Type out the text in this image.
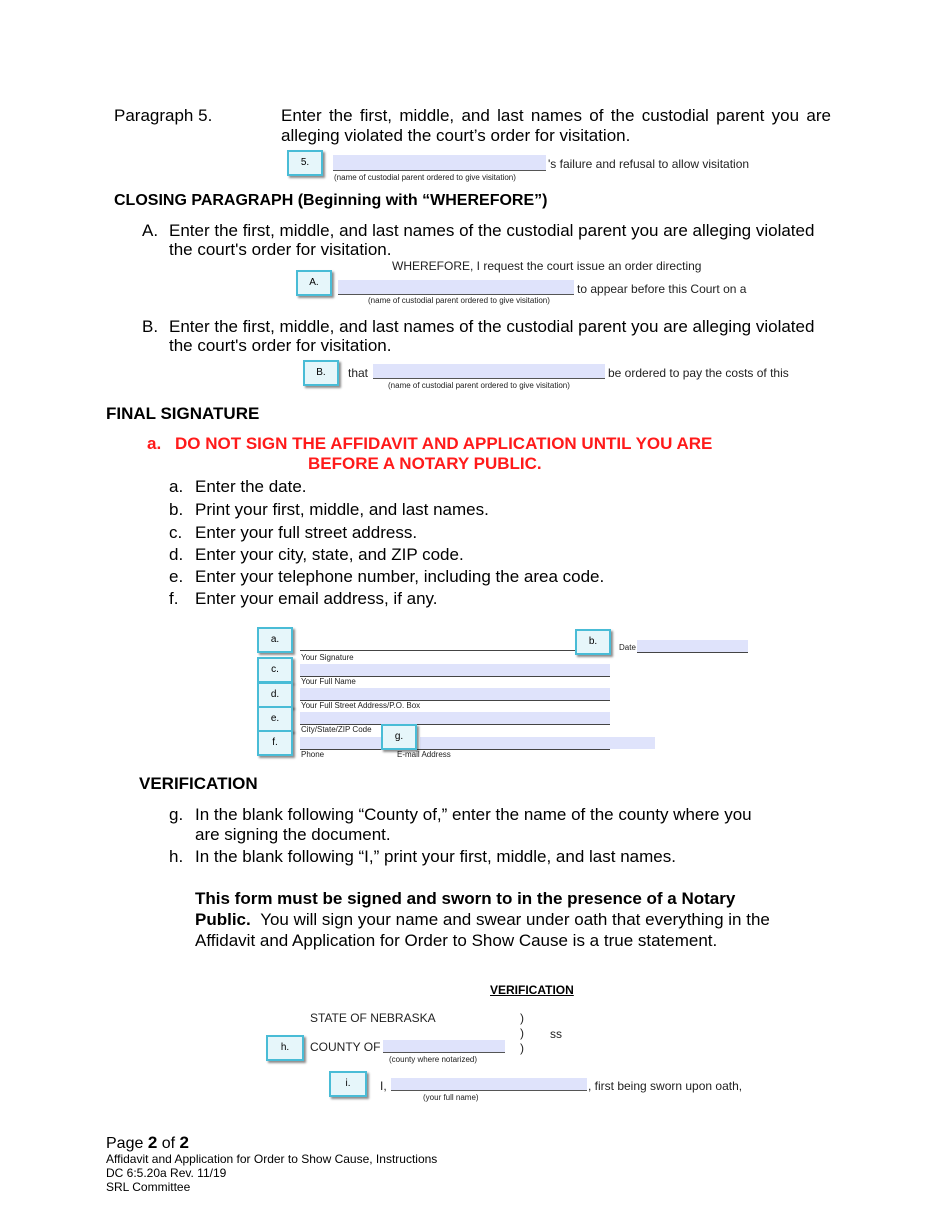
Paragraph 5.	Enter the first, middle, and last names of the custodial parent you are
alleging violated the court’s order for visitation.
5.	's failure and refusal to allow visitation
(name of custodial parent ordered to give visitation)
CLOSING PARAGRAPH (Beginning with “WHEREFORE”)
A. Enter the first, middle, and last names of the custodial parent you are alleging violated
the court's order for visitation.
WHEREFORE, I request the court issue an order directing
A.	to appear before this Court on a
(name of custodial parent ordered to give visitation)
B. Enter the first, middle, and last names of the custodial parent you are alleging violated
the court's order for visitation.
B.	that	be ordered to pay the costs of this
(name of custodial parent ordered to give visitation)
FINAL SIGNATURE
a. DO NOT SIGN THE AFFIDAVIT AND APPLICATION UNTIL YOU ARE
BEFORE A NOTARY PUBLIC.
a. Enter the date.
b. Print your first, middle, and last names.
c. Enter your full street address.
d. Enter your city, state, and ZIP code.
e. Enter your telephone number, including the area code.
f. Enter your email address, if any.
Your Signature
Date
Your Full Name
Your Full Street Address/P.O. Box
City/State/ZIP Code
Phone	E-mail Address
a.	b.
c.
d.
e.
f.
g.
VERIFICATION
g. In the blank following “County of,” enter the name of the county where you
are signing the document.
h. In the blank following “I,” print your first, middle, and last names.
This form must be signed and sworn to in the presence of a Notary
Public. You will sign your name and swear under oath that everything in the
Affidavit and Application for Order to Show Cause is a true statement.
VERIFICATION
STATE OF NEBRASKA	)
) ss
)
h.	COUNTY OF
(county where notarized)
i.	I,	, first being sworn upon oath,
(your full name)
Page 2 of 2
Affidavit and Application for Order to Show Cause, Instructions
DC 6:5.20a Rev. 11/19
SRL Committee
